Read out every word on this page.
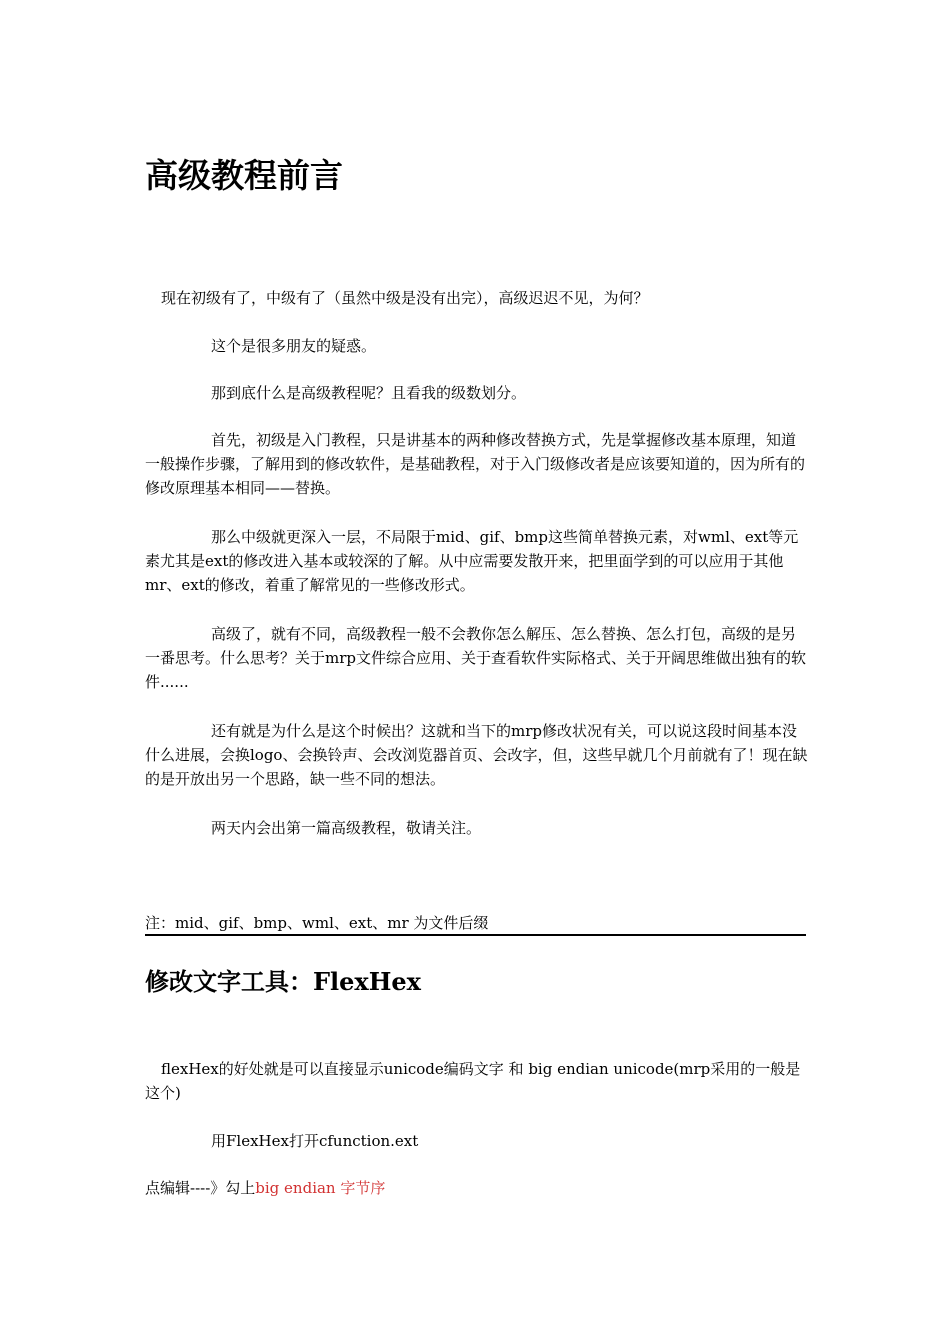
高级教程前言

现在初级有了，中级有了（虽然中级是没有出完），高级迟迟不见，为何？

这个是很多朋友的疑惑。

那到底什么是高级教程呢？且看我的级数划分。

首先，初级是入门教程，只是讲基本的两种修改替换方式，先是掌握修改基本原理，知道一般操作步骤，了解用到的修改软件，是基础教程，对于入门级修改者是应该要知道的，因为所有的修改原理基本相同——替换。

那么中级就更深入一层，不局限于mid、gif、bmp这些简单替换元素，对wml、ext等元素尤其是ext的修改进入基本或较深的了解。从中应需要发散开来，把里面学到的可以应用于其他mr、ext的修改，着重了解常见的一些修改形式。

高级了，就有不同，高级教程一般不会教你怎么解压、怎么替换、怎么打包，高级的是另一番思考。什么思考？关于mrp文件综合应用、关于查看软件实际格式、关于开阔思维做出独有的软件......

还有就是为什么是这个时候出？这就和当下的mrp修改状况有关，可以说这段时间基本没什么进展，会换logo、会换铃声、会改浏览器首页、会改字，但，这些早就几个月前就有了！现在缺的是开放出另一个思路，缺一些不同的想法。

两天内会出第一篇高级教程，敬请关注。

注：mid、gif、bmp、wml、ext、mr 为文件后缀

修改文字工具：FlexHex

flexHex的好处就是可以直接显示unicode编码文字 和 big endian unicode(mrp采用的一般是这个)

用FlexHex打开cfunction.ext

点编辑----》勾上big endian 字节序
